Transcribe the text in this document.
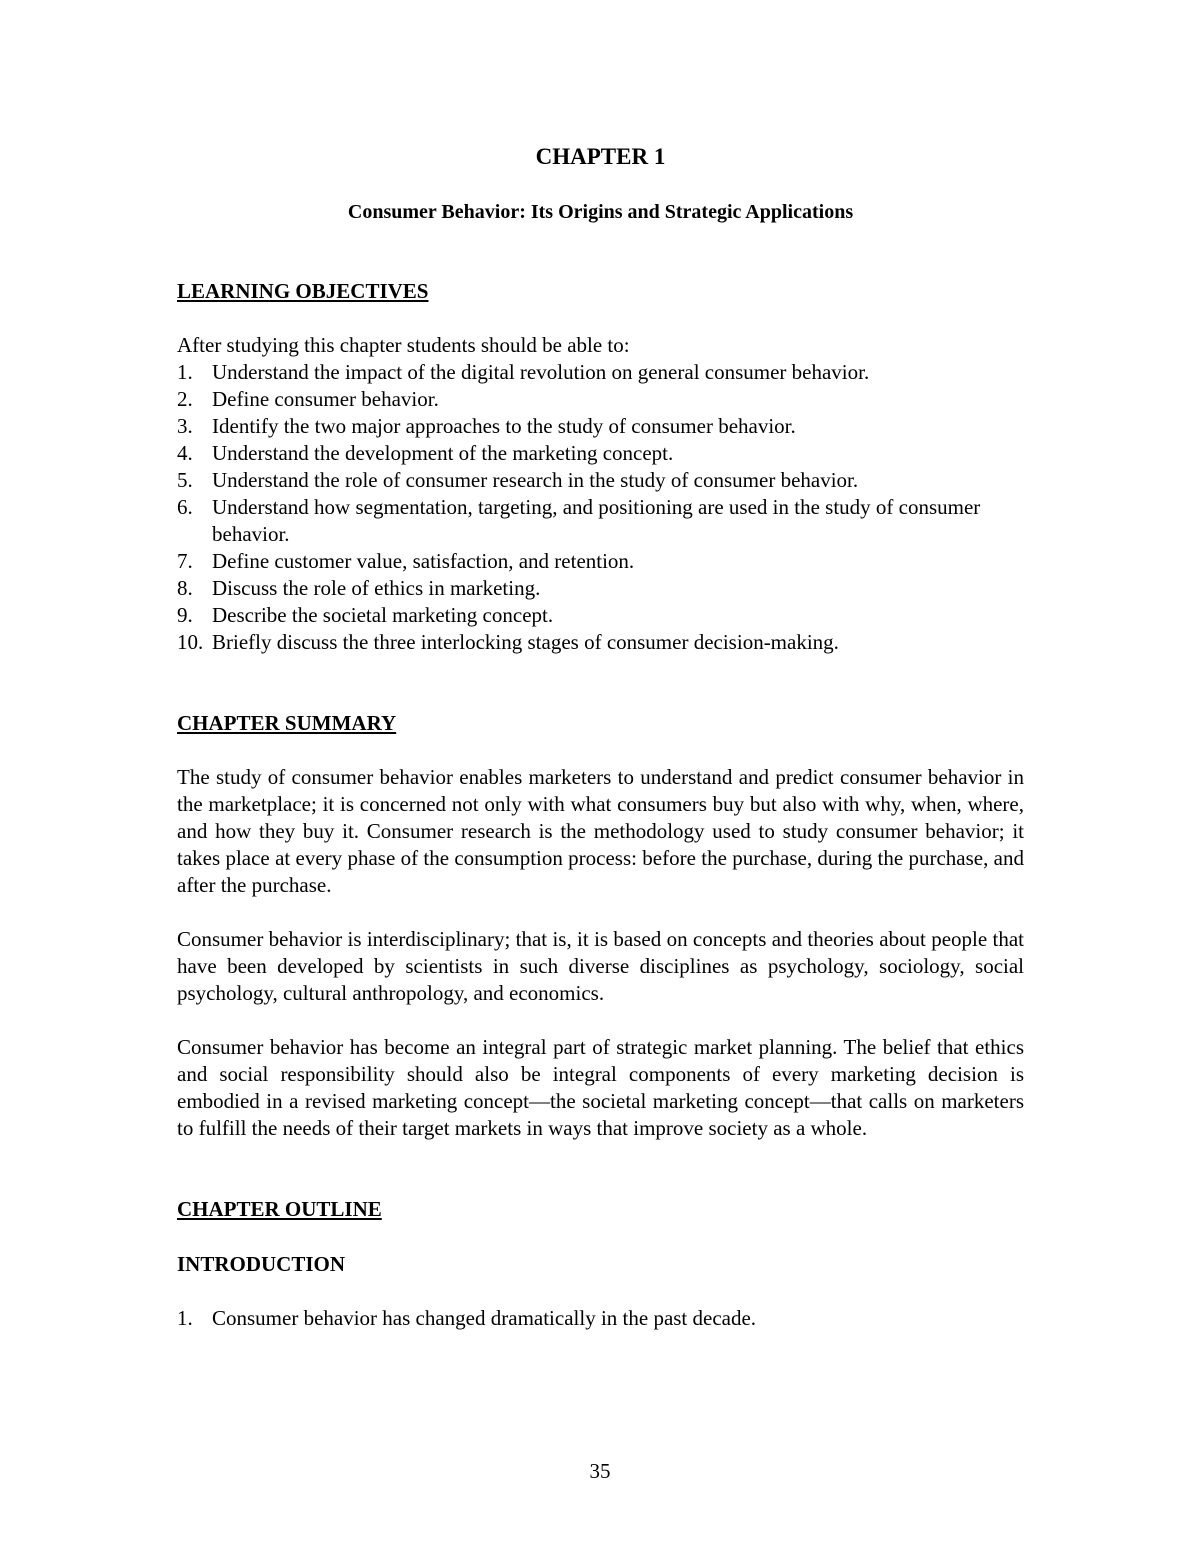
CHAPTER 1
Consumer Behavior: Its Origins and Strategic Applications
LEARNING OBJECTIVES

After studying this chapter students should be able to:

1. Understand the impact of the digital revolution on general consumer behavior.
2. Define consumer behavior.
3. Identify the two major approaches to the study of consumer behavior.
4. Understand the development of the marketing concept.
5. Understand the role of consumer research in the study of consumer behavior.
6. Understand how segmentation, targeting, and positioning are used in the study of consumer behavior.
7. Define customer value, satisfaction, and retention.
8. Discuss the role of ethics in marketing.
9. Describe the societal marketing concept.
10. Briefly discuss the three interlocking stages of consumer decision-making.
CHAPTER SUMMARY

The study of consumer behavior enables marketers to understand and predict consumer behavior in the marketplace; it is concerned not only with what consumers buy but also with why, when, where, and how they buy it. Consumer research is the methodology used to study consumer behavior; it takes place at every phase of the consumption process: before the purchase, during the purchase, and after the purchase.

Consumer behavior is interdisciplinary; that is, it is based on concepts and theories about people that have been developed by scientists in such diverse disciplines as psychology, sociology, social psychology, cultural anthropology, and economics.

Consumer behavior has become an integral part of strategic market planning. The belief that ethics and social responsibility should also be integral components of every marketing decision is embodied in a revised marketing concept—the societal marketing concept—that calls on marketers to fulfill the needs of their target markets in ways that improve society as a whole.

CHAPTER OUTLINE
INTRODUCTION
1. Consumer behavior has changed dramatically in the past decade.
35
